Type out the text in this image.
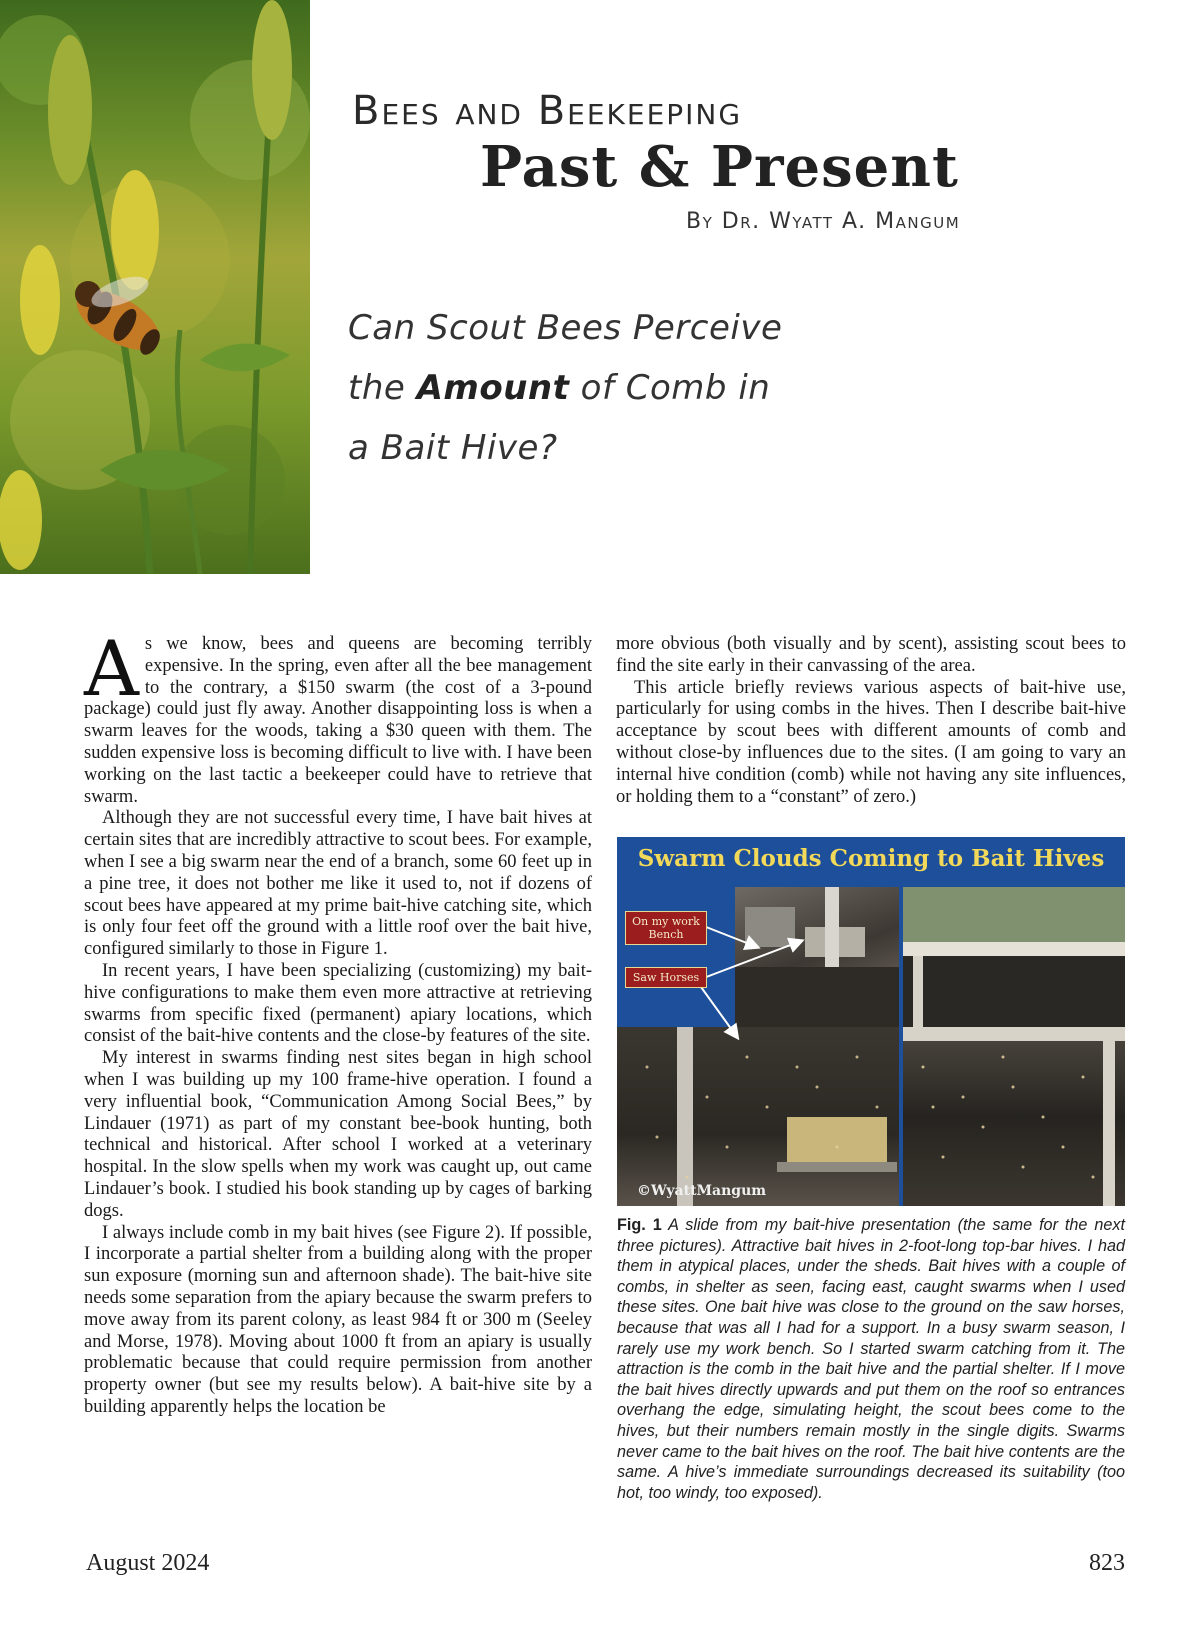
Bees and Beekeeping
Past & Present
By Dr. Wyatt A. Mangum
Can Scout Bees Perceive
the Amount of Comb in
a Bait Hive?

As we know, bees and queens are becoming terribly expensive. In the spring, even after all the bee management to the contrary, a $150 swarm (the cost of a 3-pound package) could just fly away. Another disappointing loss is when a swarm leaves for the woods, taking a $30 queen with them. The sudden expensive loss is becoming difficult to live with. I have been working on the last tactic a beekeeper could have to retrieve that swarm.

Although they are not successful every time, I have bait hives at certain sites that are incredibly attractive to scout bees. For example, when I see a big swarm near the end of a branch, some 60 feet up in a pine tree, it does not bother me like it used to, not if dozens of scout bees have appeared at my prime bait-hive catching site, which is only four feet off the ground with a little roof over the bait hive, configured similarly to those in Figure 1.

In recent years, I have been specializing (customizing) my bait-hive configurations to make them even more attractive at retrieving swarms from specific fixed (permanent) apiary locations, which consist of the bait-hive contents and the close-by features of the site.

My interest in swarms finding nest sites began in high school when I was building up my 100 frame-hive operation. I found a very influential book, “Communication Among Social Bees,” by Lindauer (1971) as part of my constant bee-book hunting, both technical and historical. After school I worked at a veterinary hospital. In the slow spells when my work was caught up, out came Lindauer’s book. I studied his book standing up by cages of barking dogs.

I always include comb in my bait hives (see Figure 2). If possible, I incorporate a partial shelter from a building along with the proper sun exposure (morning sun and afternoon shade). The bait-hive site needs some separation from the apiary because the swarm prefers to move away from its parent colony, as least 984 ft or 300 m (Seeley and Morse, 1978). Moving about 1000 ft from an apiary is usually problematic because that could require permission from another property owner (but see my results below). A bait-hive site by a building apparently helps the location be

more obvious (both visually and by scent), assisting scout bees to find the site early in their canvassing of the area.

This article briefly reviews various aspects of bait-hive use, particularly for using combs in the hives. Then I describe bait-hive acceptance by scout bees with different amounts of comb and without close-by influences due to the sites. (I am going to vary an internal hive condition (comb) while not having any site influences, or holding them to a “constant” of zero.)

Swarm Clouds Coming to Bait Hives
On my work Bench
Saw Horses
©WyattMangum
Fig. 1 A slide from my bait-hive presentation (the same for the next three pictures). Attractive bait hives in 2-foot-long top-bar hives. I had them in atypical places, under the sheds. Bait hives with a couple of combs, in shelter as seen, facing east, caught swarms when I used these sites. One bait hive was close to the ground on the saw horses, because that was all I had for a support. In a busy swarm season, I rarely use my work bench. So I started swarm catching from it. The attraction is the comb in the bait hive and the partial shelter. If I move the bait hives directly upwards and put them on the roof so entrances overhang the edge, simulating height, the scout bees come to the hives, but their numbers remain mostly in the single digits. Swarms never came to the bait hives on the roof. The bait hive contents are the same. A hive’s immediate surroundings decreased its suitability (too hot, too windy, too exposed).
August 2024	823
